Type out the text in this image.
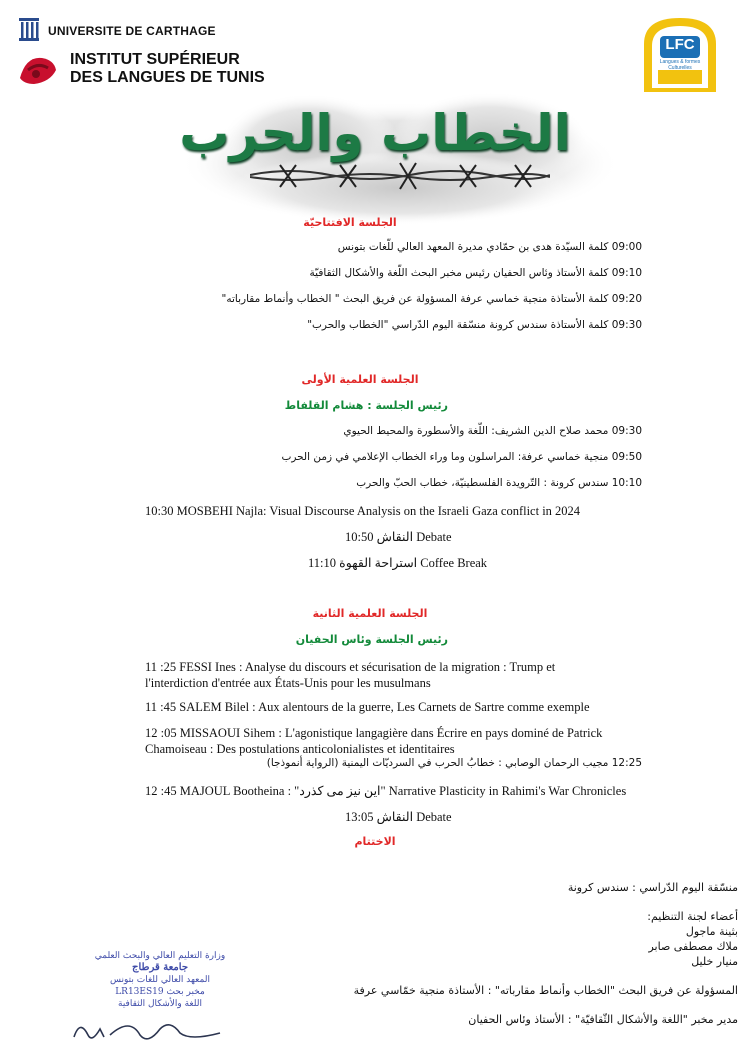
UNIVERSITE DE CARTHAGE
INSTITUT SUPÉRIEUR
DES LANGUES DE TUNIS
LFC
Langues & formes Culturelles
الخطاب والحرب
الجلسة الافتتاحيّة
09:00 كلمة السيّدة هدى بن حمّادي مديرة المعهد العالي للّغات بتونس
09:10 كلمة الأستاذ وئاس الحفيان رئيس مخبر البحث اللّغة والأشكال الثقافيّة
09:20 كلمة الأستاذة منجية خماسي عرفة المسؤولة عن فريق البحث " الخطاب وأنماط مقارباته"
09:30 كلمة الأستاذة سندس كرونة منسّقة اليوم الدّراسي "الخطاب والحرب"
الجلسة العلمية الأولى
رئيس الجلسة : هشام القلفاط
09:30 محمد صلاح الدين الشريف: اللّغة والأسطورة والمحيط الحيوي
09:50 منجية خماسي عرفة: المراسلون وما وراء الخطاب الإعلامي في زمن الحرب
10:10 سندس كرونة : التّرويدة الفلسطينيّة، خطاب الحبّ والحرب
10:30 MOSBEHI Najla: Visual Discourse Analysis on the Israeli Gaza conflict in 2024
10:50 النقاش Debate
11:10 استراحة القهوة Coffee Break
الجلسة العلمية الثانية
رئيس الجلسة وئاس الحفيان
11 :25 FESSI Ines : Analyse du discours et sécurisation de la migration : Trump et
l'interdiction d'entrée aux États-Unis pour les musulmans
11 :45 SALEM Bilel : Aux alentours de la guerre, Les Carnets de Sartre comme exemple
12 :05 MISSAOUI Sihem : L'agonistique langagière dans Écrire en pays dominé de Patrick
Chamoiseau : Des postulations anticolonialistes et identitaires
12:25 مجيب الرحمان الوصابي : خطابُ الحرب في السرديّات اليمنية (الرواية أنموذجا)
12 :45 MAJOUL Bootheina : "اين نيز مى كذرد" Narrative Plasticity in Rahimi's War Chronicles
13:05 النقاش Debate
الاختتام
منسّقة اليوم الدّراسي : سندس كرونة
أعضاء لجنة التنظيم:
بثينة ماجول
ملاك مصطفى صابر
منيار خليل
المسؤولة عن فريق البحث "الخطاب وأنماط مقارباته" : الأستاذة منجية خمّاسي عرفة
مدير مخبر "اللغة والأشكال الثّقافيّة" : الأستاذ وئاس الحفيان
وزارة التعليم العالي والبحث العلمي
جامعة قرطاج
المعهد العالي للغات بتونس
مخبر بحث LR13ES19
اللغة والأشكال الثقافية
